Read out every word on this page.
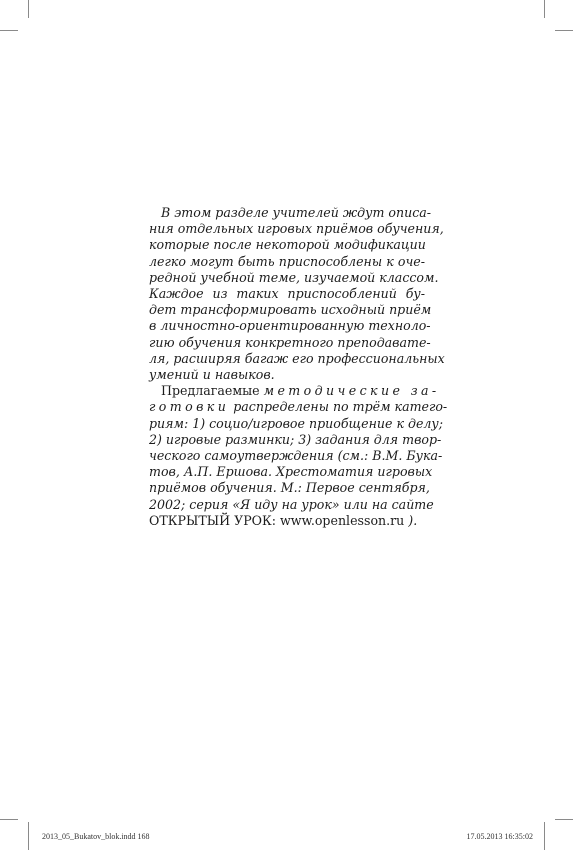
В этом разделе учителей ждут описа-
ния отдельных игровых приёмов обучения,
которые после некоторой модификации
легко могут быть приспособлены к оче-
редной учебной теме, изучаемой классом.
Каждое из таких приспособлений бу-
дет трансформировать исходный приём
в личностно-ориентированную техноло-
гию обучения конкретного преподавате-
ля, расширяя багаж его профессиональных
умений и навыков.
Предлагаемые методические за-
готовки распределены по трём катего-
риям: 1) социо/игровое приобщение к делу;
2) игровые разминки; 3) задания для твор-
ческого самоутверждения (см.: В.М. Бука-
тов, А.П. Ершова. Хрестоматия игровых
приёмов обучения. М.: Первое сентября,
2002; серия «Я иду на урок» или на сайте
ОТКРЫТЫЙ УРОК: www.openlesson.ru ).
2013_05_Bukatov_blok.indd 168	17.05.2013 16:35:02
